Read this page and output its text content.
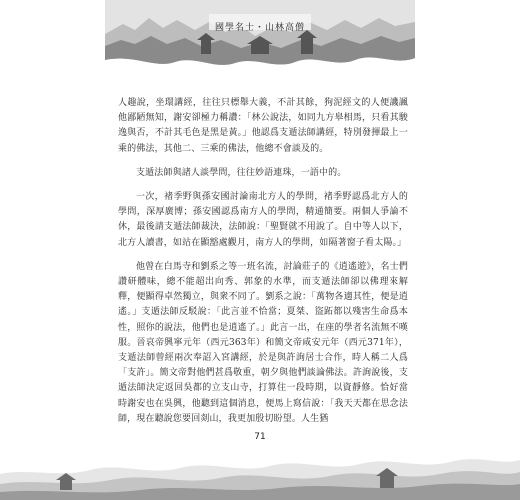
國學名士・山林高僧

人趣說，坐環講經，往往只標舉大義，不計其餘，狗泥經文的人便譏諷他鄙陋無知，謝安卻極力稱讚：「林公說法，如同九方皋相馬，只看其駿逸與否，不計其毛色是黑是黃。」他認爲支遁法師講經，特別發揮最上一乘的佛法，其他二、三乘的佛法，他總不會談及的。

支遁法師與諸人談學問，往往妙語連珠，一語中的。

一次，褚季野與孫安國討論南北方人的學問，褚季野認爲北方人的學問，深厚廣博；孫安國認爲南方人的學問，精通簡要。兩個人爭論不休，最後請支遁法師裁決，法師說：「聖賢就不用說了。自中等人以下，北方人讀書，如站在顯豁處觀月，南方人的學問，如隔著窗子看太陽。」

他曾在白馬寺和劉系之等一班名流，討論莊子的《逍遙遊》，名士們讚研體味，總不能超出向秀、郭象的水準，而支遁法師卻以佛理來解釋，便顯得卓然獨立，與衆不同了。劉系之說：「萬物各適其性，便是逍遙。」支遁法師反駁說：「此言並不恰當；夏桀、盜跖都以殘害生命爲本性，照你的說法，他們也是逍遙了。」此言一出，在座的學者名流無不嘆服。晉哀帝興寧元年（西元363年）和簡文帝咸安元年（西元371年），支遁法師曾經兩次奉詔入宮講經，於是與許詢居士合作，時人稱二人爲「支許」。簡文帝對他們甚爲敬重，朝夕與他們談論佛法。許詢說後，支遁法師決定返回吳都的立支山寺，打算住一段時期，以資靜修。恰好當時謝安也在吳興，他聽到這個消息，便馬上寫信說：「我天天都在思念法師，現在聽說您要回剡山，我更加殷切盼望。人生猶

71
